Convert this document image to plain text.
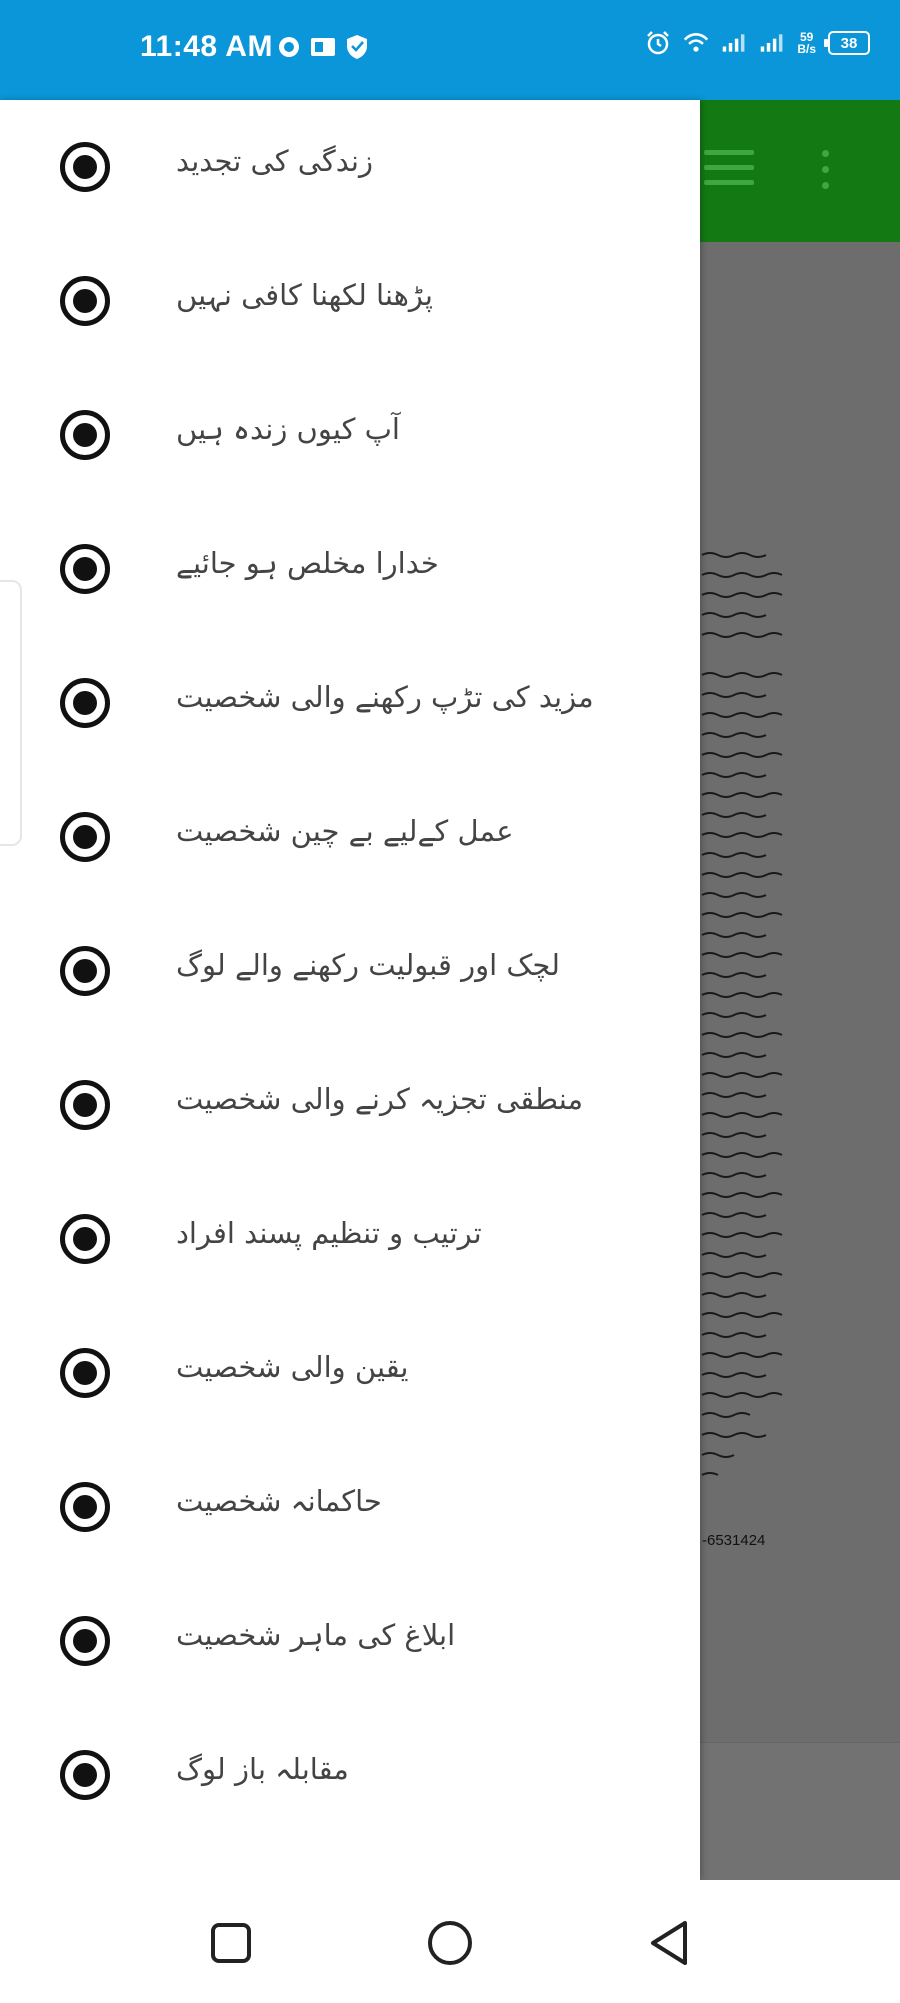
11:48 AM	59
B/s 38
-6531424
زندگی کی تجدید
پڑھنا لکھنا کافی نہیں
آپ کیوں زندہ ہیں
خدارا مخلص ہو جائیے
مزید کی تڑپ رکھنے والی شخصیت
عمل کےلیے بے چین شخصیت
لچک اور قبولیت رکھنے والے لوگ
منطقی تجزیہ کرنے والی شخصیت
ترتیب و تنظیم پسند افراد
یقین والی شخصیت
حاکمانہ شخصیت
ابلاغ کی ماہر شخصیت
مقابلہ باز لوگ
